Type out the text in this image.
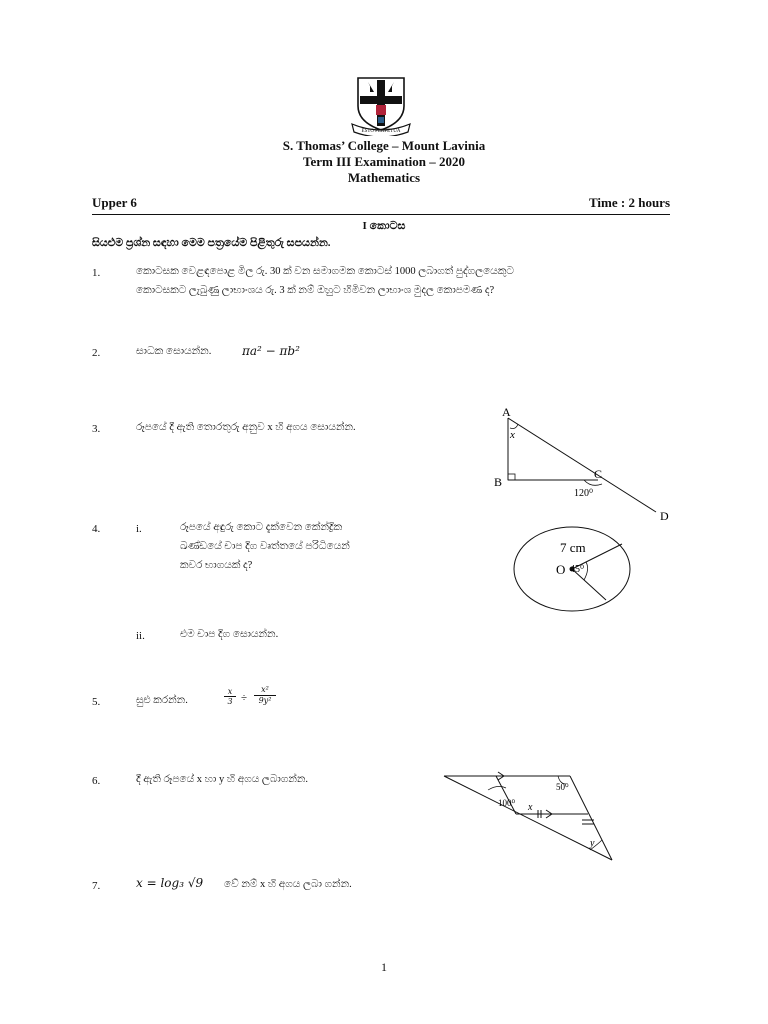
ESTO PERPETUA
S. Thomas’ College – Mount Lavinia
Term III Examination – 2020
Mathematics
Upper 6	Time : 2 hours
I කොටස
සියළුම ප්‍රශ්න සඳහා මෙම පත්‍රයේම පිළිතුරු සපයන්න.
1.	කොටසක වෙළඳපොළ මිල රු. 30 ක් වන සමාගමක කොටස් 1000 ලබාගත් පුද්ගලයෙකුට
කොටසකට ලැබුණු ලාභාංශය රු. 3 ක් නම් ඔහුට හිමිවන ලාභාංශ මුදල කොපමණ ද?
2.	සාධක සොයන්න.	πa² − πb²
3.	රූපයේ දී ඇති තොරතුරු අනුව x හි අගය සොයන්න.
A
B
C
D
x
120⁰
4.	i.	රූපයේ අඳුරු කොට දැක්වෙන කේන්ද්‍රික
ඛණ්ඩයේ චාප දිග වෘත්තයේ පරිධියෙන්
කවර භාගයක් ද?
ii.	එම චාප දිග සොයන්න.
7 cm
O 45⁰
5.	සුළු කරන්න.	$\frac{x}{3} \div \frac{\text{x²}}{\text{9y²}}$
6.	දී ඇති රූපයේ x හා y හි අගය ලබාගන්න.
50⁰
100⁰ x
y
7.	x = log₃ √9 වේ නම් x හි අගය ලබා ගන්න.
1
